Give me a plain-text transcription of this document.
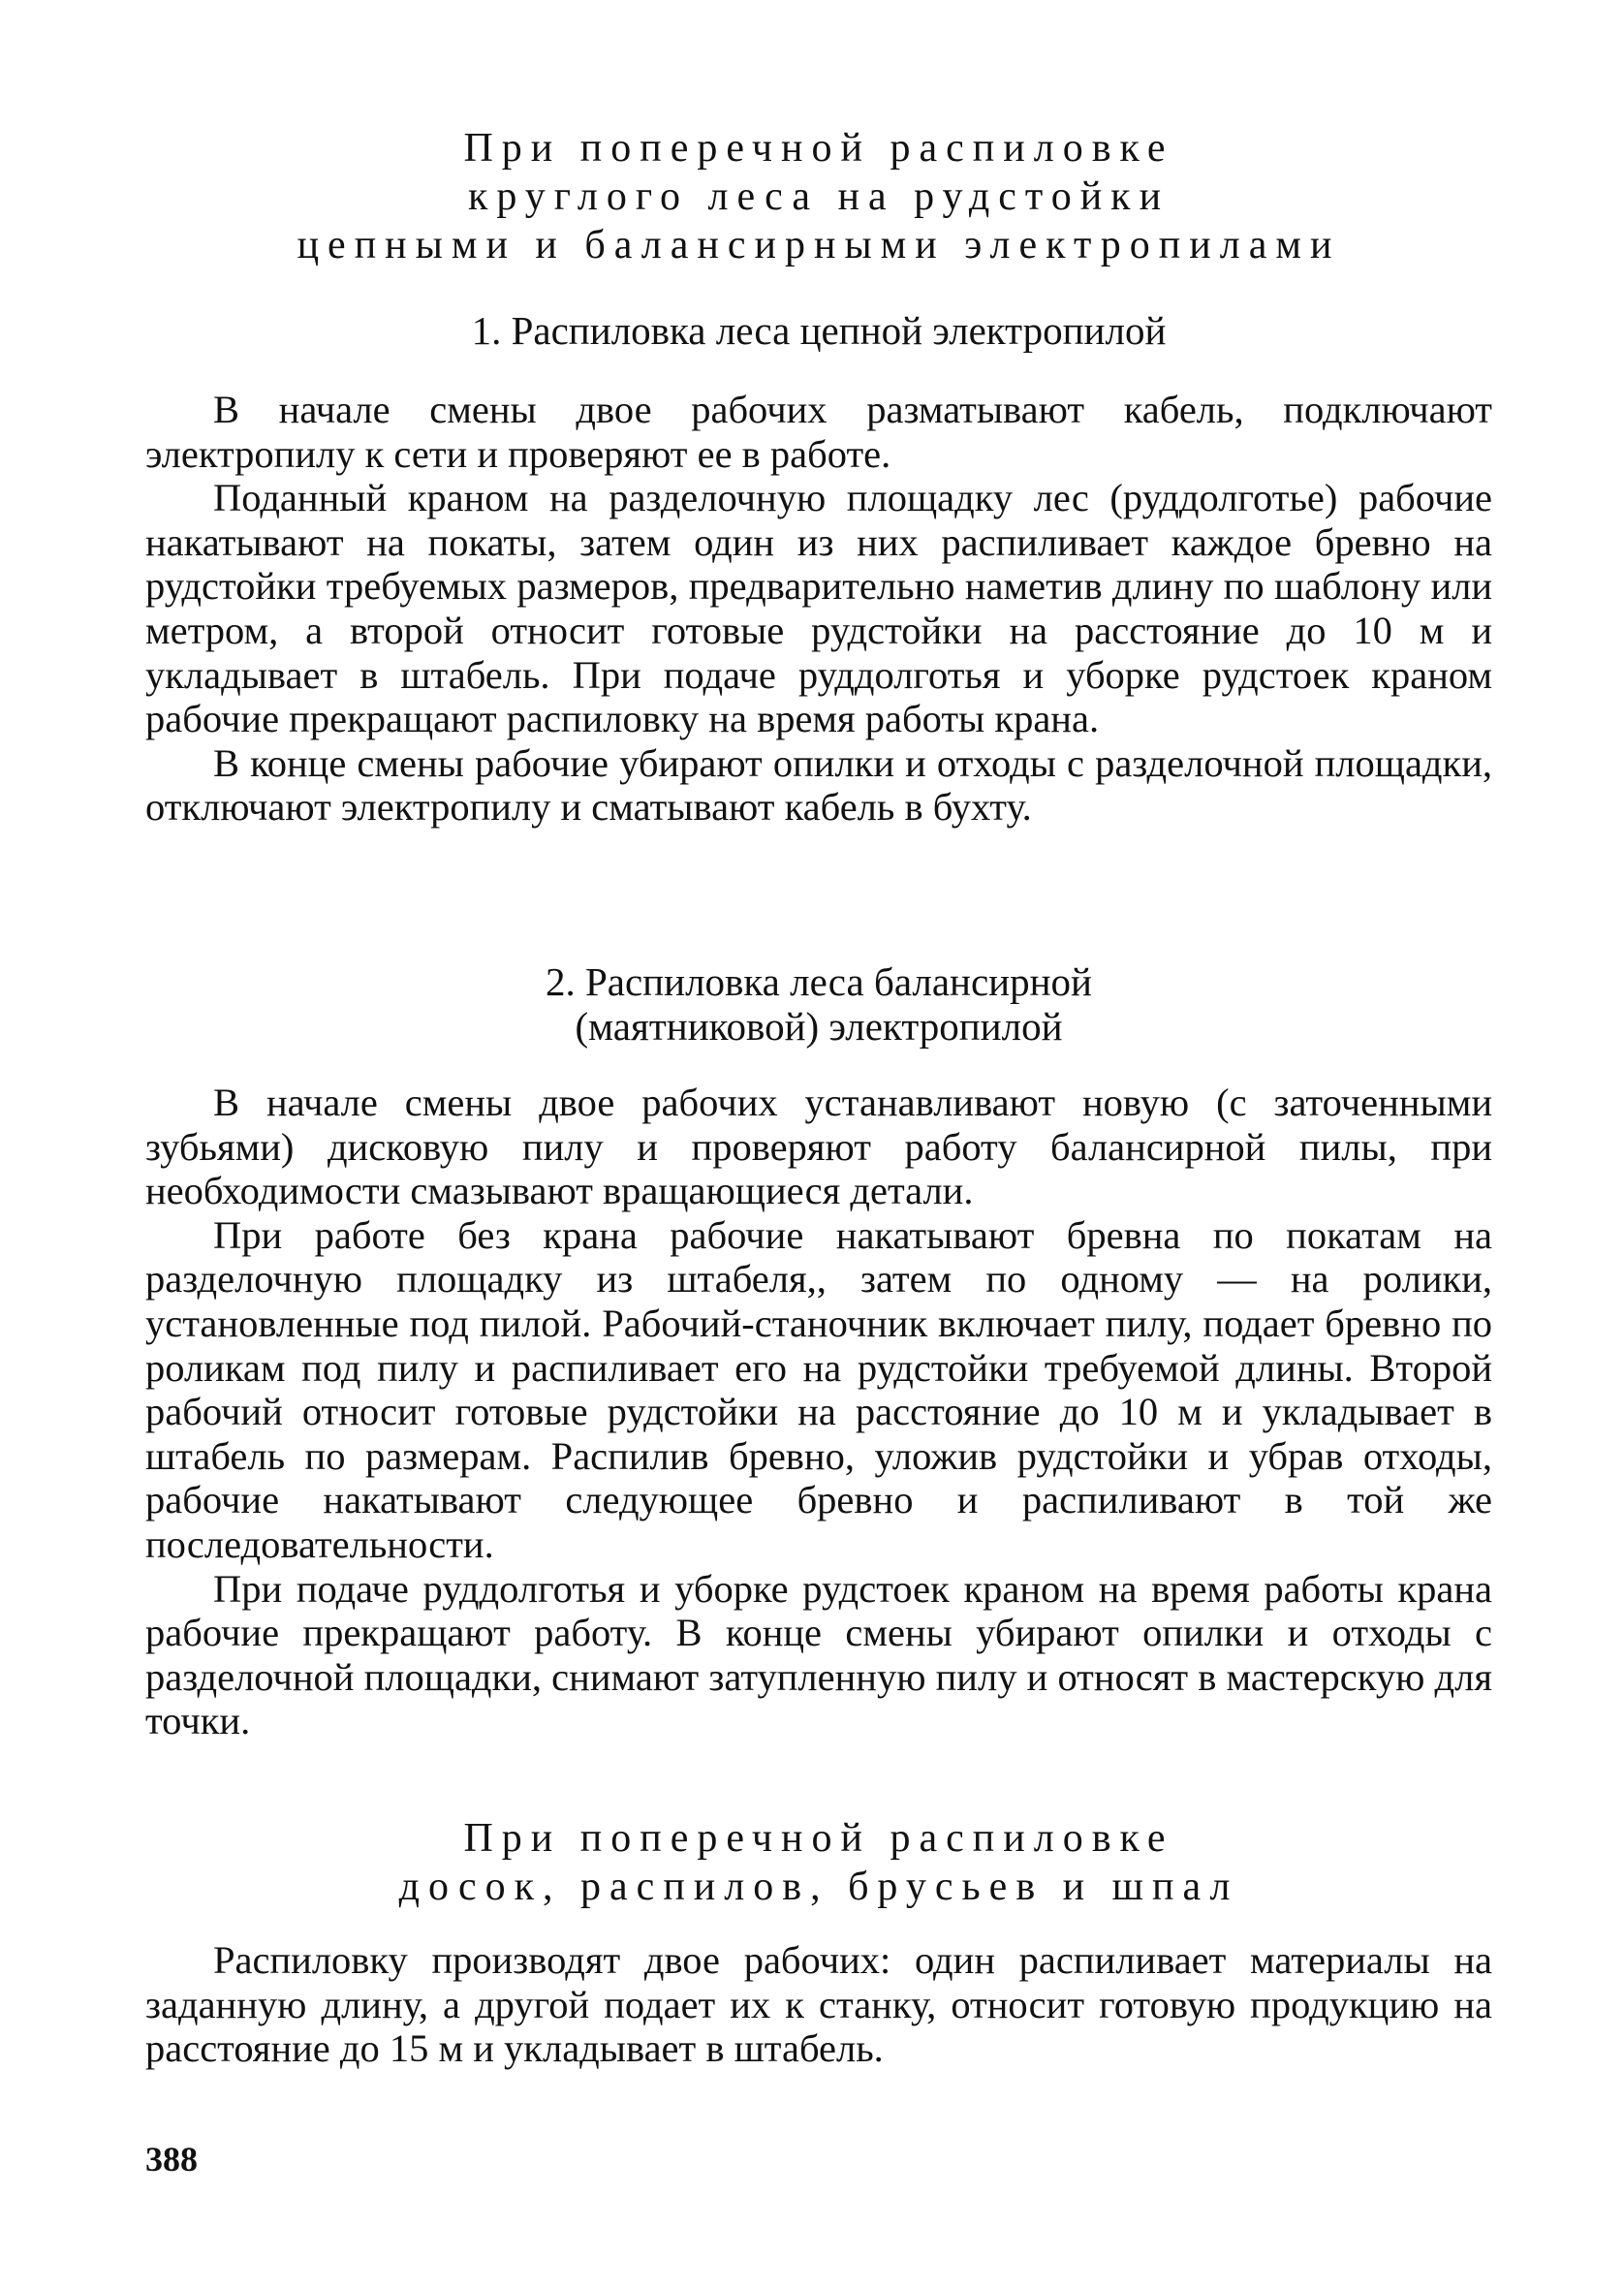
При поперечной распиловке
круглого леса на рудстойки
цепными и балансирными электропилами
1. Распиловка леса цепной электропилой

В начале смены двое рабочих разматывают кабель, подключают электропилу к сети и проверяют ее в работе.

Поданный краном на разделочную площадку лес (руддолготье) рабочие накатывают на покаты, затем один из них распиливает каждое бревно на рудстойки требуемых размеров, предварительно наметив длину по шаблону или метром, а второй относит готовые рудстойки на расстояние до 10 м и укладывает в штабель. При подаче руддолготья и уборке рудстоек краном рабочие прекращают распиловку на время работы крана.

В конце смены рабочие убирают опилки и отходы с разделочной площадки, отключают электропилу и сматывают кабель в бухту.

2. Распиловка леса балансирной
(маятниковой) электропилой

В начале смены двое рабочих устанавливают новую (с заточенными зубьями) дисковую пилу и проверяют работу балансирной пилы, при необходимости смазывают вращающиеся детали.

При работе без крана рабочие накатывают бревна по покатам на разделочную площадку из штабеля,, затем по одному — на ролики, установленные под пилой. Рабочий-станочник включает пилу, подает бревно по роликам под пилу и распиливает его на рудстойки требуемой длины. Второй рабочий относит готовые рудстойки на расстояние до 10 м и укладывает в штабель по размерам. Распилив бревно, уложив рудстойки и убрав отходы, рабочие накатывают следующее бревно и распиливают в той же последовательности.

При подаче руддолготья и уборке рудстоек краном на время работы крана рабочие прекращают работу. В конце смены убирают опилки и отходы с разделочной площадки, снимают затупленную пилу и относят в мастерскую для точки.

При поперечной распиловке
досок, распилов, брусьев и шпал

Распиловку производят двое рабочих: один распиливает материалы на заданную длину, а другой подает их к станку, относит готовую продукцию на расстояние до 15 м и укладывает в штабель.

388
